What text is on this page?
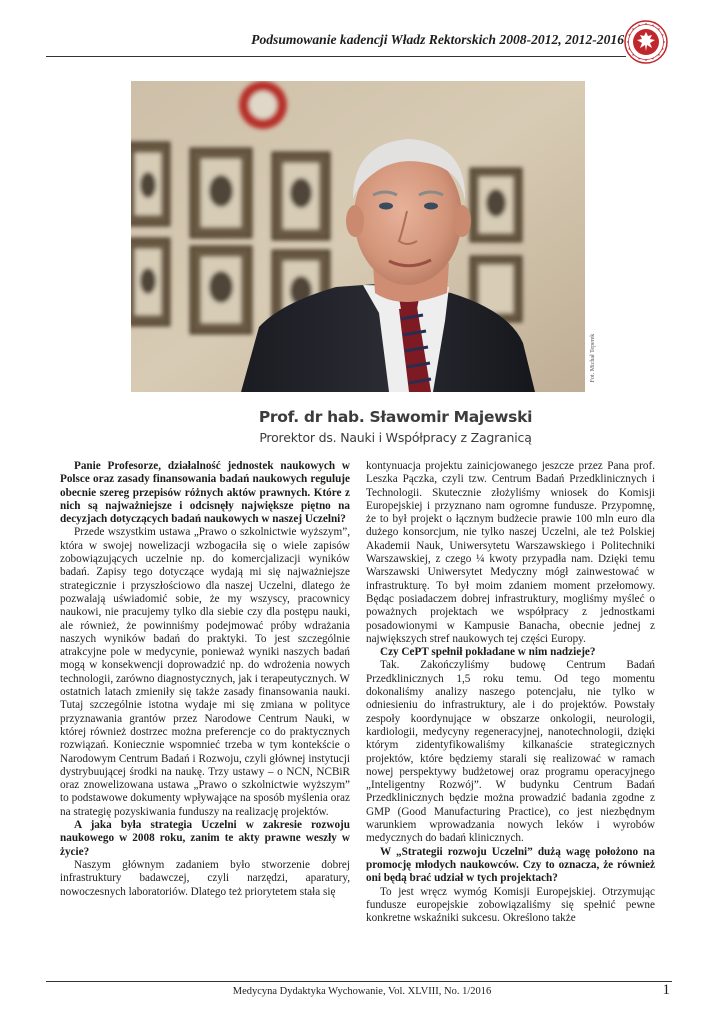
Podsumowanie kadencji Władz Rektorskich 2008-2012, 2012-2016
Fot. Michał Teperek
Prof. dr hab. Sławomir Majewski
Prorektor ds. Nauki i Współpracy z Zagranicą

Panie Profesorze, działalność jednostek naukowych w Polsce oraz zasady finansowania badań naukowych reguluje obecnie szereg przepisów różnych aktów prawnych. Które z nich są najważniejsze i odcisnęły największe piętno na decyzjach dotyczących badań naukowych w naszej Uczelni?

Przede wszystkim ustawa „Prawo o szkolnictwie wyższym”, która w swojej nowelizacji wzbogaciła się o wiele zapisów zobowiązujących uczelnie np. do komercjalizacji wyników badań. Zapisy tego dotyczące wydają mi się najważniejsze strategicznie i przyszłościowo dla naszej Uczelni, dlatego że pozwalają uświadomić sobie, że my wszyscy, pracownicy naukowi, nie pracujemy tylko dla siebie czy dla postępu nauki, ale również, że powinniśmy podejmować próby wdrażania naszych wyników badań do praktyki. To jest szczególnie atrakcyjne pole w medycynie, ponieważ wyniki naszych badań mogą w konsekwencji doprowadzić np. do wdrożenia nowych technologii, zarówno diagnostycznych, jak i terapeutycznych. W ostatnich latach zmieniły się także zasady finansowania nauki. Tutaj szczególnie istotna wydaje mi się zmiana w polityce przyznawania grantów przez Narodowe Centrum Nauki, w której również dostrzec można preferencje co do praktycznych rozwiązań. Koniecznie wspomnieć trzeba w tym kontekście o Narodowym Centrum Badań i Rozwoju, czyli głównej instytucji dystrybuującej środki na naukę. Trzy ustawy – o NCN, NCBiR oraz znowelizowana ustawa „Prawo o szkolnictwie wyższym” to podstawowe dokumenty wpływające na sposób myślenia oraz na strategię pozyskiwania funduszy na realizację projektów.

A jaka była strategia Uczelni w zakresie rozwoju naukowego w 2008 roku, zanim te akty prawne weszły w życie?

Naszym głównym zadaniem było stworzenie dobrej infrastruktury badawczej, czyli narzędzi, aparatury, nowoczesnych laboratoriów. Dlatego też priorytetem stała się

kontynuacja projektu zainicjowanego jeszcze przez Pana prof. Leszka Pączka, czyli tzw. Centrum Badań Przedklinicznych i Technologii. Skutecznie złożyliśmy wniosek do Komisji Europejskiej i przyznano nam ogromne fundusze. Przypomnę, że to był projekt o łącznym budżecie prawie 100 mln euro dla dużego konsorcjum, nie tylko naszej Uczelni, ale też Polskiej Akademii Nauk, Uniwersytetu Warszawskiego i Politechniki Warszawskiej, z czego ¼ kwoty przypadła nam. Dzięki temu Warszawski Uniwersytet Medyczny mógł zainwestować w infrastrukturę. To był moim zdaniem moment przełomowy. Będąc posiadaczem dobrej infrastruktury, mogliśmy myśleć o poważnych projektach we współpracy z jednostkami posadowionymi w Kampusie Banacha, obecnie jednej z największych stref naukowych tej części Europy.

Czy CePT spełnił pokładane w nim nadzieje?

Tak. Zakończyliśmy budowę Centrum Badań Przedklinicznych 1,5 roku temu. Od tego momentu dokonaliśmy analizy naszego potencjału, nie tylko w odniesieniu do infrastruktury, ale i do projektów. Powstały zespoły koordynujące w obszarze onkologii, neurologii, kardiologii, medycyny regeneracyjnej, nanotechnologii, dzięki którym zidentyfikowaliśmy kilkanaście strategicznych projektów, które będziemy starali się realizować w ramach nowej perspektywy budżetowej oraz programu operacyjnego „Inteligentny Rozwój”. W budynku Centrum Badań Przedklinicznych będzie można prowadzić badania zgodne z GMP (Good Manufacturing Practice), co jest niezbędnym warunkiem wprowadzania nowych leków i wyrobów medycznych do badań klinicznych.

W „Strategii rozwoju Uczelni” dużą wagę położono na promocję młodych naukowców. Czy to oznacza, że również oni będą brać udział w tych projektach?

To jest wręcz wymóg Komisji Europejskiej. Otrzymując fundusze europejskie zobowiązaliśmy się spełnić pewne konkretne wskaźniki sukcesu. Określono także

Medycyna Dydaktyka Wychowanie, Vol. XLVIII, No. 1/2016	1
